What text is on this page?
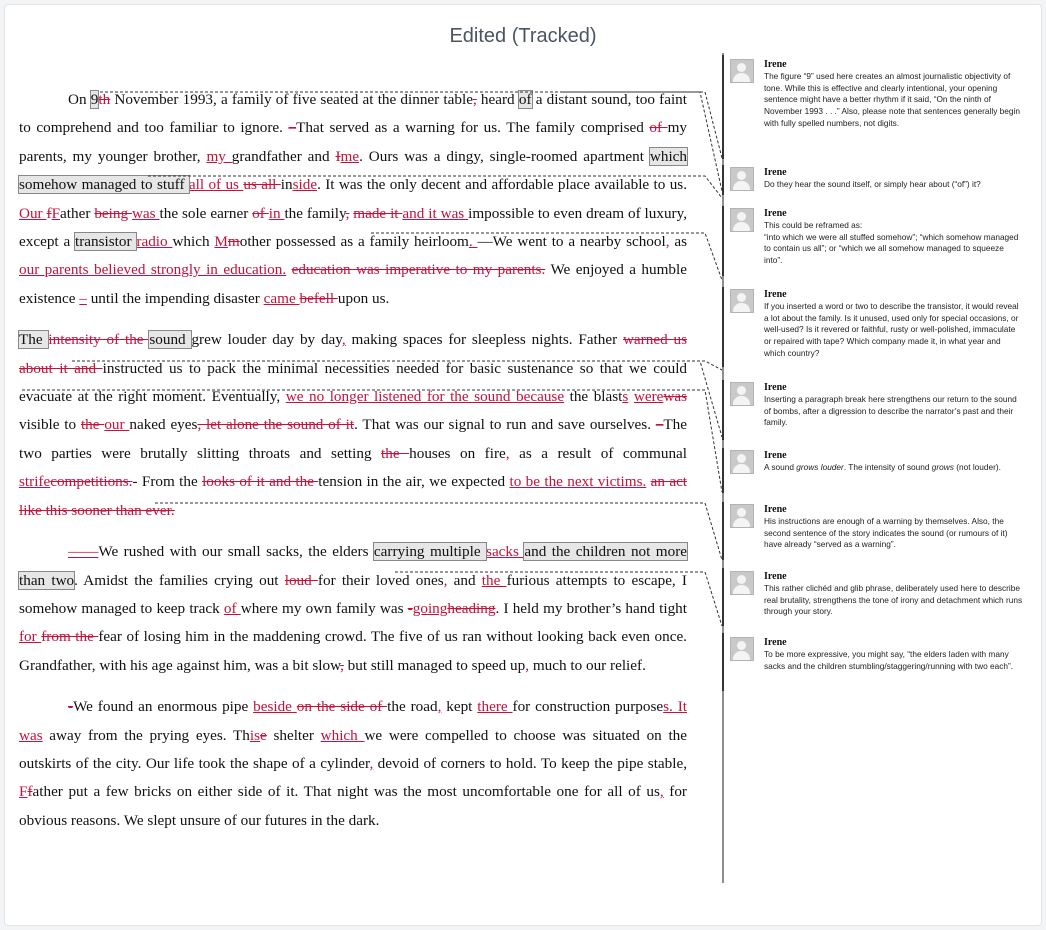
Edited (Tracked)

On 9th November 1993, a family of five seated at the dinner table, heard of a distant sound, too faint to comprehend and too familiar to ignore. –That served as a warning for us. The family comprised of my parents, my younger brother, my grandfather and Ime. Ours was a dingy, single-roomed apartment which somehow managed to stuff all of us us all inside. It was the only decent and affordable place available to us. Our fFather being was the sole earner of in the family, made it and it was impossible to even dream of luxury, except a transistor radio which Mmother possessed as a family heirloom. —We went to a nearby school, as our parents believed strongly in education. education was imperative to my parents. We enjoyed a humble existence – until the impending disaster came befell upon us.

The intensity of the sound grew louder day by day, making spaces for sleepless nights. Father warned us about it and instructed us to pack the minimal necessities needed for basic sustenance so that we could evacuate at the right moment. Eventually, we no longer listened for the sound because the blasts werewas visible to the our naked eyes, let alone the sound of it. That was our signal to run and save ourselves. –The two parties were brutally slitting throats and setting the houses on fire, as a result of communal strifecompetitions.- From the looks of it and the tension in the air, we expected to be the next victims. an act like this sooner than ever.

——We rushed with our small sacks, the elders carrying multiple sacks and the children not more than two. Amidst the families crying out loud for their loved ones, and the furious attempts to escape, I somehow managed to keep track of where my own family was -goingheading. I held my brother’s hand tight for from the fear of losing him in the maddening crowd. The five of us ran without looking back even once. Grandfather, with his age against him, was a bit slow, but still managed to speed up, much to our relief.

-We found an enormous pipe beside on the side of the road, kept there for construction purposes. It was away from the prying eyes. Thise shelter which we were compelled to choose was situated on the outskirts of the city. Our life took the shape of a cylinder, devoid of corners to hold. To keep the pipe stable, Ffather put a few bricks on either side of it. That night was the most uncomfortable one for all of us, for obvious reasons. We slept unsure of our futures in the dark.

Irene
The figure “9” used here creates an almost journalistic objectivity of tone. While this is effective and clearly intentional, your opening sentence might have a better rhythm if it said, “On the ninth of November 1993 . . .” Also, please note that sentences generally begin with fully spelled numbers, not digits.
Irene
Do they hear the sound itself, or simply hear about (“of”) it?
Irene
This could be reframed as:
“into which we were all stuffed somehow”; “which somehow managed to contain us all”; or “which we all somehow managed to squeeze into”.
Irene
If you inserted a word or two to describe the transistor, it would reveal a lot about the family. Is it unused, used only for special occasions, or well-used? Is it revered or faithful, rusty or well-polished, immaculate or repaired with tape? Which company made it, in what year and which country?
Irene
Inserting a paragraph break here strengthens our return to the sound of bombs, after a digression to describe the narrator’s past and their family.
Irene
A sound grows louder. The intensity of sound grows (not louder).
Irene
His instructions are enough of a warning by themselves. Also, the second sentence of the story indicates the sound (or rumours of it) have already “served as a warning”.
Irene
This rather clichéd and glib phrase, deliberately used here to describe real brutality, strengthens the tone of irony and detachment which runs through your story.
Irene
To be more expressive, you might say, “the elders laden with many sacks and the children stumbling/staggering/running with two each”.
